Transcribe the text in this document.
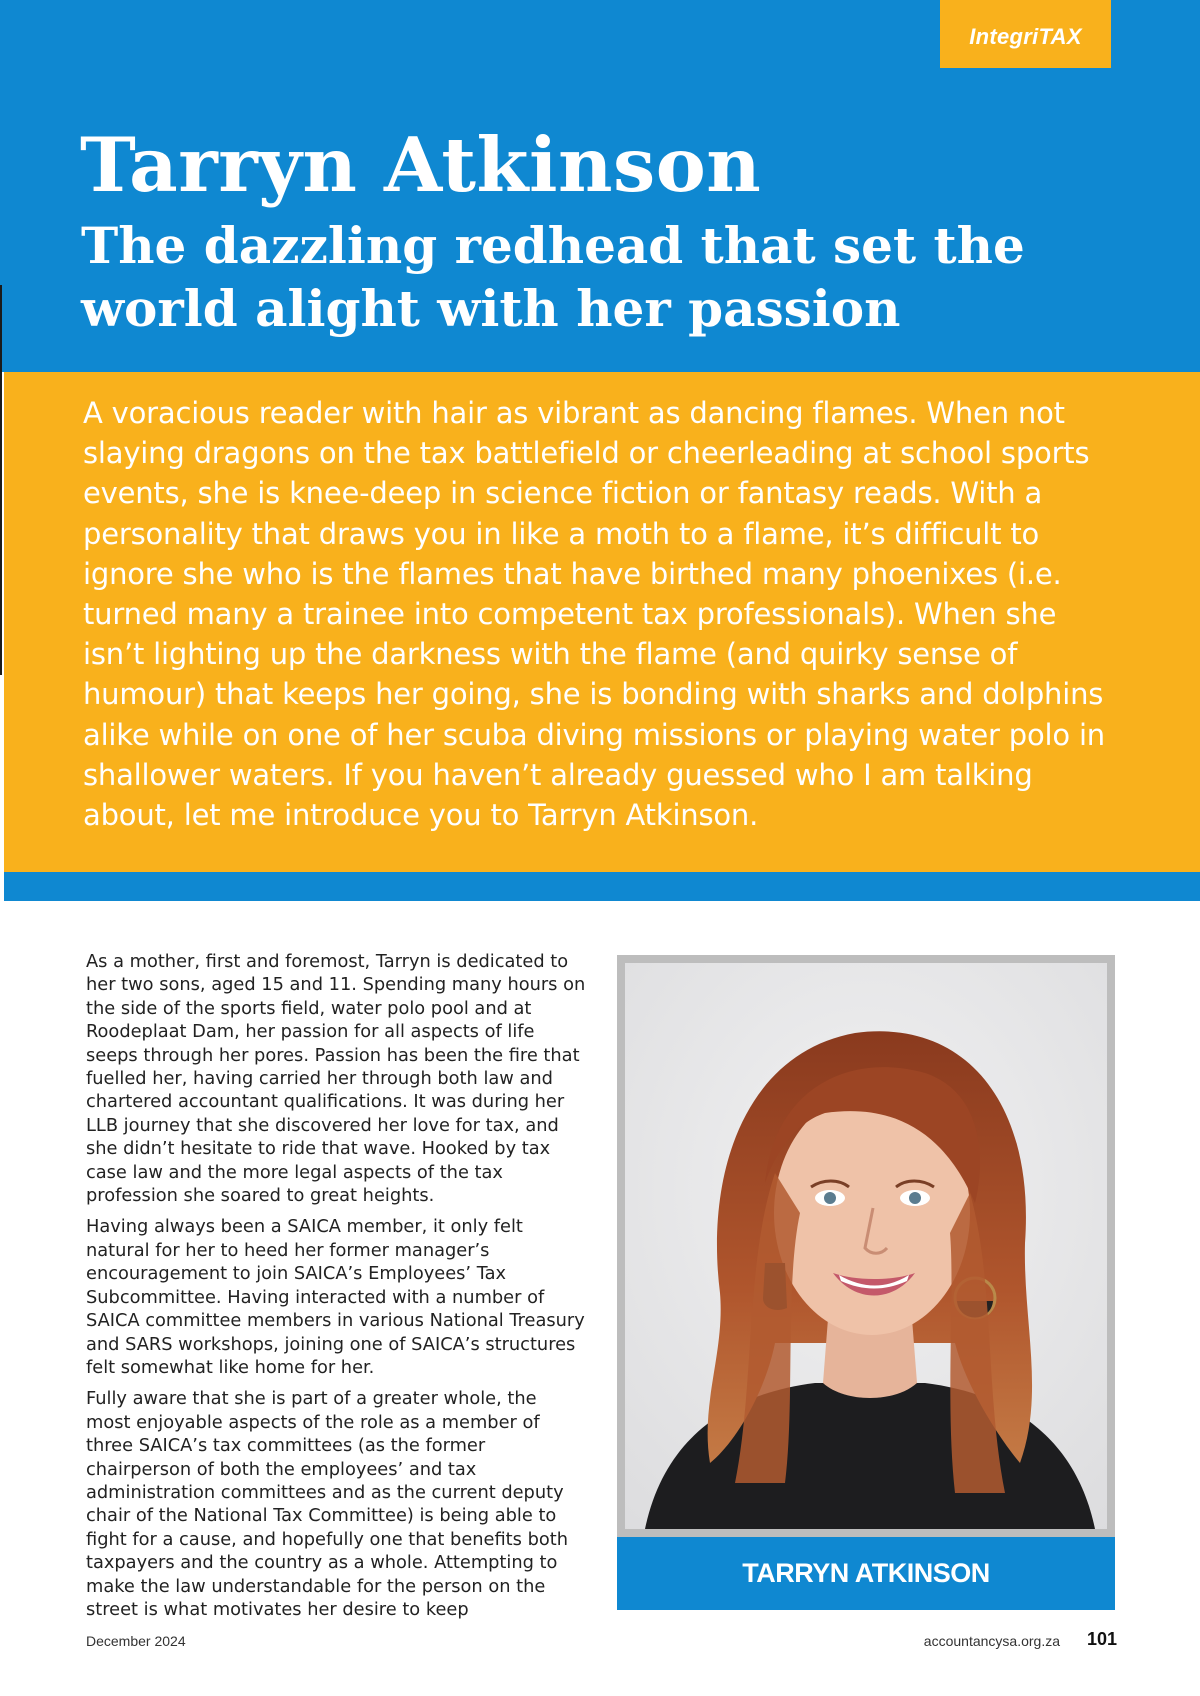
IntegriTAX
Tarryn Atkinson
The dazzling redhead that set the world alight with her passion

A voracious reader with hair as vibrant as dancing flames. When not slaying dragons on the tax battlefield or cheerleading at school sports events, she is knee-deep in science fiction or fantasy reads. With a personality that draws you in like a moth to a flame, it’s difficult to ignore she who is the flames that have birthed many phoenixes (i.e. turned many a trainee into competent tax professionals). When she isn’t lighting up the darkness with the flame (and quirky sense of humour) that keeps her going, she is bonding with sharks and dolphins alike while on one of her scuba diving missions or playing water polo in shallower waters. If you haven’t already guessed who I am talking about, let me introduce you to Tarryn Atkinson.

As a mother, first and foremost, Tarryn is dedicated to her two sons, aged 15 and 11. Spending many hours on the side of the sports field, water polo pool and at Roodeplaat Dam, her passion for all aspects of life seeps through her pores. Passion has been the fire that fuelled her, having carried her through both law and chartered accountant qualifications. It was during her LLB journey that she discovered her love for tax, and she didn’t hesitate to ride that wave. Hooked by tax case law and the more legal aspects of the tax profession she soared to great heights.

Having always been a SAICA member, it only felt natural for her to heed her former manager’s encouragement to join SAICA’s Employees’ Tax Subcommittee. Having interacted with a number of SAICA committee members in various National Treasury and SARS workshops, joining one of SAICA’s structures felt somewhat like home for her.

Fully aware that she is part of a greater whole, the most enjoyable aspects of the role as a member of three SAICA’s tax committees (as the former chairperson of both the employees’ and tax administration committees and as the current deputy chair of the National Tax Committee) is being able to fight for a cause, and hopefully one that benefits both taxpayers and the country as a whole. Attempting to make the law understandable for the person on the street is what motivates her desire to keep

TARRYN ATKINSON
December 2024	accountancysa.org.za 101
